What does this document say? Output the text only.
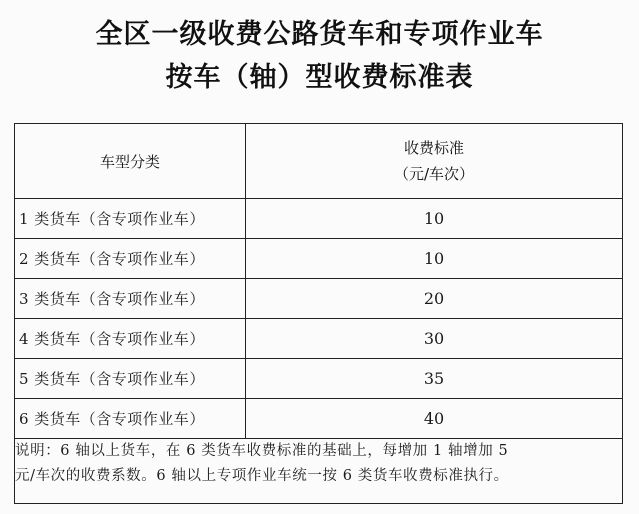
全区一级收费公路货车和专项作业车
按车（轴）型收费标准表
车型分类	收费标准
（元/车次）

1 类货车（含专项作业车）	10
2 类货车（含专项作业车）	10
3 类货车（含专项作业车）	20
4 类货车（含专项作业车）	30
5 类货车（含专项作业车）	35
6 类货车（含专项作业车）	40

说明：6 轴以上货车，在 6 类货车收费标准的基础上，每增加 1 轴增加 5
元/车次的收费系数。6 轴以上专项作业车统一按 6 类货车收费标准执行。	
